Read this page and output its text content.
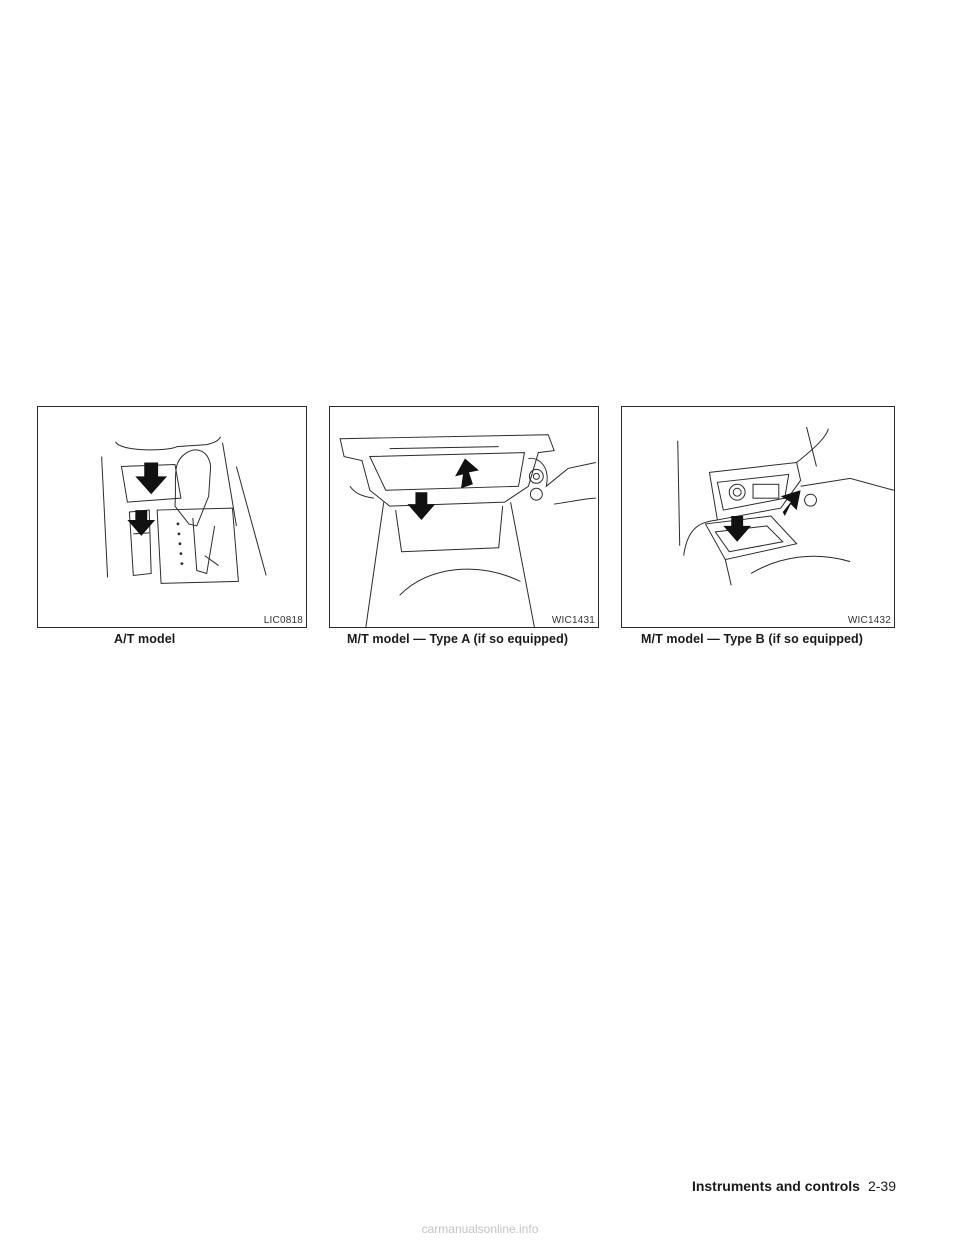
LIC0818	WIC1431	WIC1432
A/T model	M/T model — Type A (if so equipped)	M/T model — Type B (if so equipped)
Instruments and controls 2-39
carmanualsonline.info
